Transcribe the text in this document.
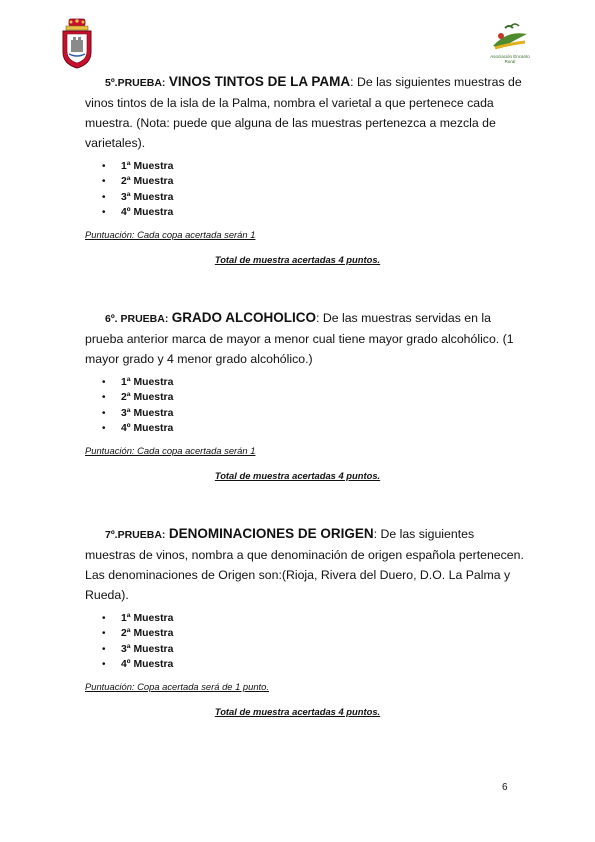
Asociación Encanto Rural

5º.PRUEBA: VINOS TINTOS DE LA PAMA: De las siguientes muestras de vinos tintos de la isla de la Palma, nombra el varietal a que pertenece cada muestra. (Nota: puede que alguna de las muestras pertenezca a mezcla de varietales).

• 1ª Muestra
• 2ª Muestra
• 3ª Muestra
• 4º Muestra

Puntuación: Cada copa acertada serán 1

Total de muestra acertadas 4 puntos.

6º. PRUEBA: GRADO ALCOHOLICO: De las muestras servidas en la prueba anterior marca de mayor a menor cual tiene mayor grado alcohólico. (1 mayor grado y 4 menor grado alcohólico.)

• 1ª Muestra
• 2ª Muestra
• 3ª Muestra
• 4º Muestra

Puntuación: Cada copa acertada serán 1

Total de muestra acertadas 4 puntos.

7º.PRUEBA: DENOMINACIONES DE ORIGEN: De las siguientes muestras de vinos, nombra a que denominación de origen española pertenecen. Las denominaciones de Origen son:(Rioja, Rivera del Duero, D.O. La Palma y Rueda).

• 1ª Muestra
• 2ª Muestra
• 3ª Muestra
• 4º Muestra

Puntuación: Copa acertada será de 1 punto.

Total de muestra acertadas 4 puntos.

6
